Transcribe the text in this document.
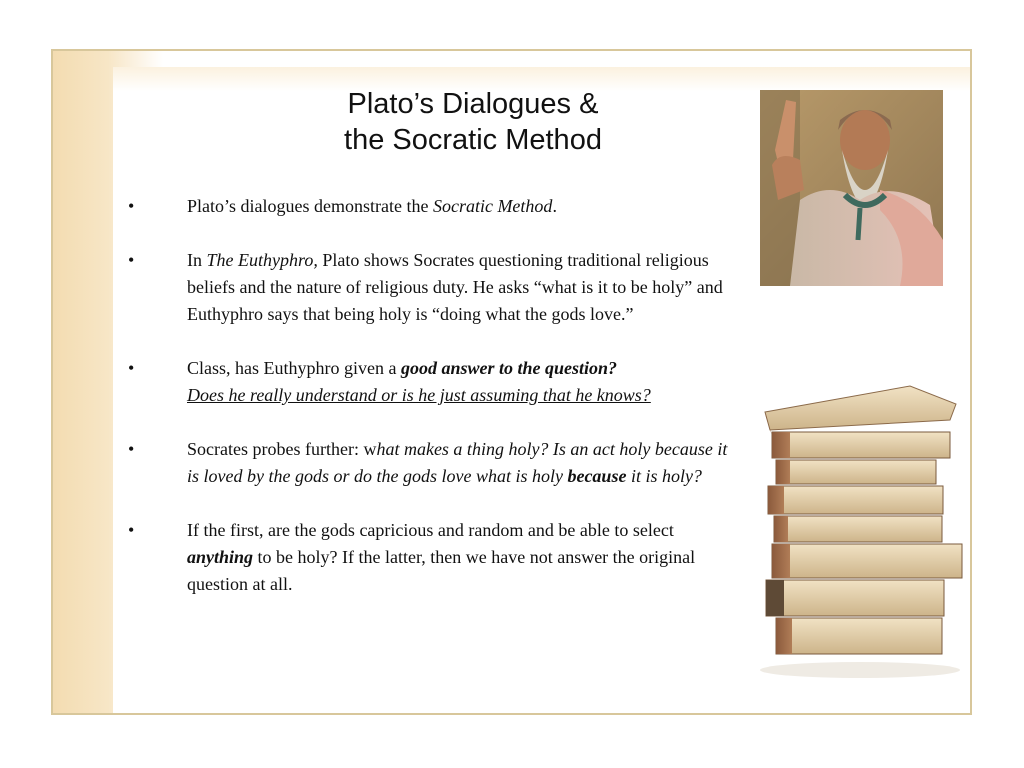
Plato’s Dialogues &
the Socratic Method
•	Plato’s dialogues demonstrate the Socratic Method.
•	In The Euthyphro, Plato shows Socrates questioning traditional religious beliefs and the nature of religious duty. He asks “what is it to be holy” and Euthyphro says that being holy is “doing what the gods love.”
•	Class, has Euthyphro given a good answer to the question?
Does he really understand or is he just assuming that he knows?
•	Socrates probes further: what makes a thing holy? Is an act holy because it is loved by the gods or do the gods love what is holy because it is holy?
•	If the first, are the gods capricious and random and be able to select anything to be holy? If the latter, then we have not answer the original question at all.
